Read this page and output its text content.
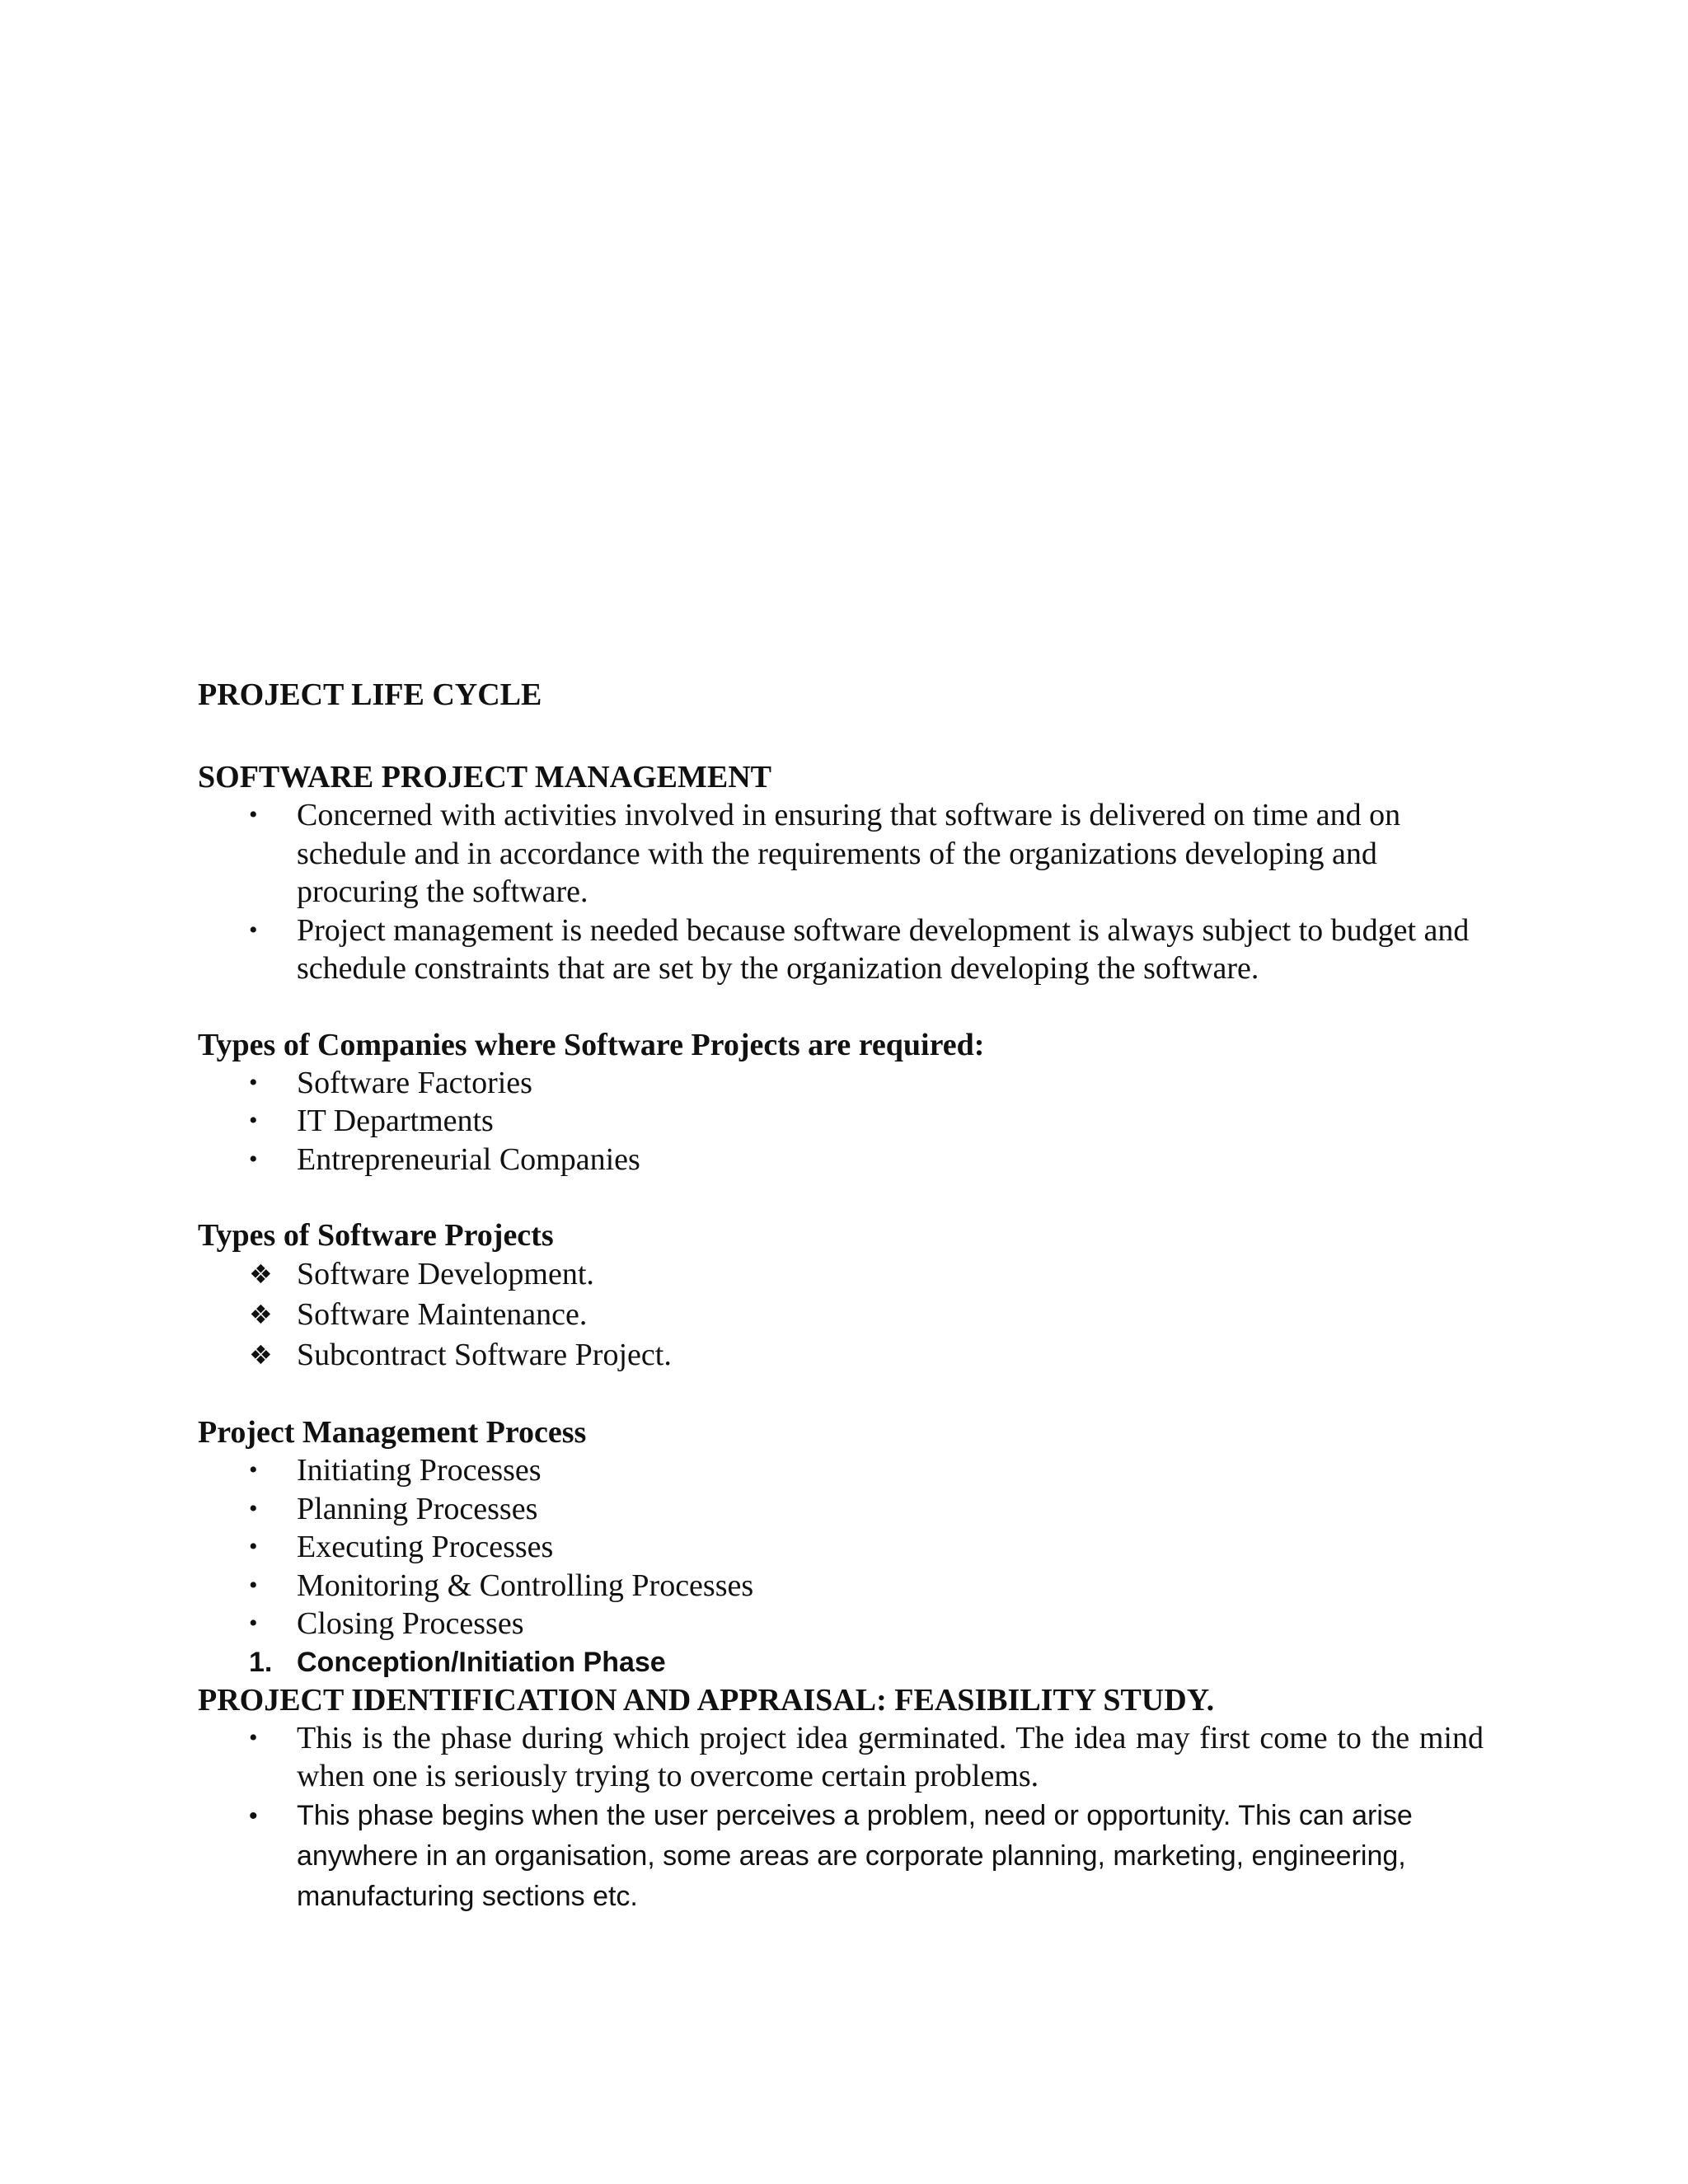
PROJECT LIFE CYCLE

SOFTWARE PROJECT MANAGEMENT

•	Concerned with activities involved in ensuring that software is delivered on time and on schedule and in accordance with the requirements of the organizations developing and procuring the software.
•	Project management is needed because software development is always subject to budget and schedule constraints that are set by the organization developing the software.

Types of Companies where Software Projects are required:

•	Software Factories
•	IT Departments
•	Entrepreneurial Companies

Types of Software Projects

❖ Software Development.
❖ Software Maintenance.
❖ Subcontract Software Project.

Project Management Process

•	Initiating Processes
•	Planning Processes
•	Executing Processes
•	Monitoring & Controlling Processes
•	Closing Processes
1. Conception/Initiation Phase

PROJECT IDENTIFICATION AND APPRAISAL: FEASIBILITY STUDY.

•	This is the phase during which project idea germinated. The idea may first come to the mind when one is seriously trying to overcome certain problems.
•	This phase begins when the user perceives a problem, need or opportunity. This can arise anywhere in an organisation, some areas are corporate planning, marketing, engineering, manufacturing sections etc.
